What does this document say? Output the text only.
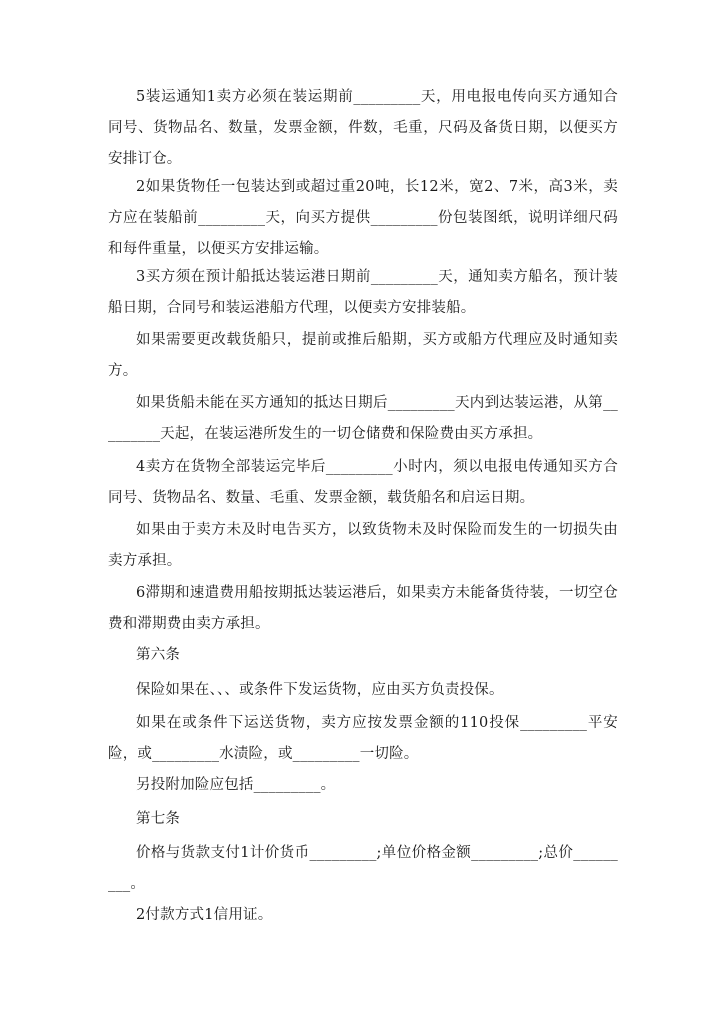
5装运通知1卖方必须在装运期前_________天，用电报电传向买方通知合同号、货物品名、数量，发票金额，件数，毛重，尺码及备货日期，以便买方安排订仓。

2如果货物任一包装达到或超过重20吨，长12米，宽2、7米，高3米，卖方应在装船前_________天，向买方提供_________份包装图纸，说明详细尺码和每件重量，以便买方安排运输。

3买方须在预计船抵达装运港日期前_________天，通知卖方船名，预计装船日期，合同号和装运港船方代理，以便卖方安排装船。

如果需要更改载货船只，提前或推后船期，买方或船方代理应及时通知卖方。

如果货船未能在买方通知的抵达日期后_________天内到达装运港，从第_________天起，在装运港所发生的一切仓储费和保险费由买方承担。

4卖方在货物全部装运完毕后_________小时内，须以电报电传通知买方合同号、货物品名、数量、毛重、发票金额，载货船名和启运日期。

如果由于卖方未及时电告买方，以致货物未及时保险而发生的一切损失由卖方承担。

6滞期和速遣费用船按期抵达装运港后，如果卖方未能备货待装，一切空仓费和滞期费由卖方承担。

第六条

保险如果在、、、或条件下发运货物，应由买方负责投保。

如果在或条件下运送货物，卖方应按发票金额的110投保_________平安险，或_________水渍险，或_________一切险。

另投附加险应包括_________。

第七条

价格与货款支付1计价货币_________;单位价格金额_________;总价_________。

2付款方式1信用证。
